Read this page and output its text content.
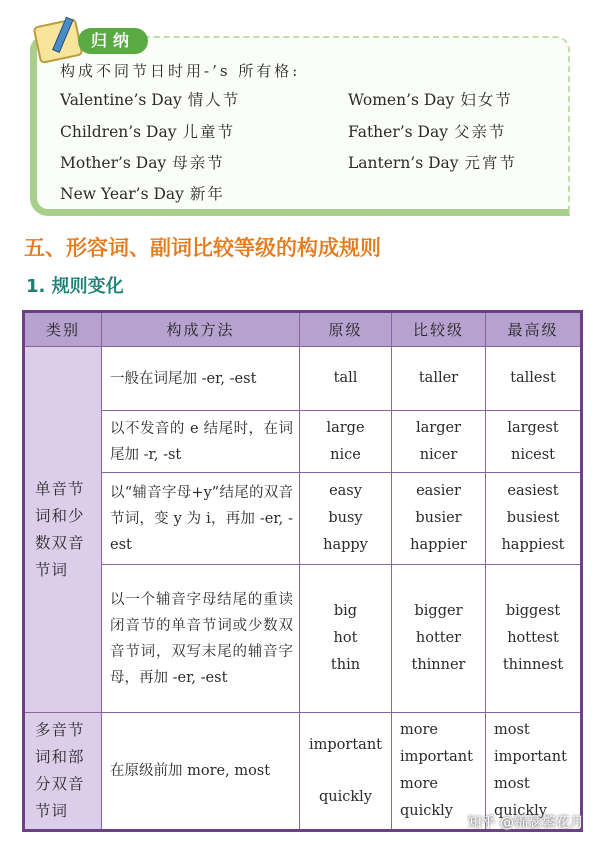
归纳
构成不同节日时用-’s 所有格:
Valentine’s Day 情人节	Women’s Day 妇女节
Children’s Day 儿童节	Father’s Day 父亲节
Mother’s Day 母亲节	Lantern’s Day 元宵节
New Year’s Day 新年
五、形容词、副词比较等级的构成规则
1. 规则变化
类别	构成方法	原级	比较级	最高级
单音节词和少数双音节词	一般在词尾加 -er, -est	tall	taller	tallest

	以不发音的 e 结尾时，在词尾加 -r, -st	large
nice	larger
nicer	largest
nicest

	以“辅音字母+y”结尾的双音节词，变 y 为 i，再加 -er, -est	easy
busy
happy	easier
busier
happier	easiest
busiest
happiest

	以一个辅音字母结尾的重读闭音节的单音节词或少数双音节词，双写末尾的辅音字母，再加 -er, -est	big
hot
thin	bigger
hotter
thinner	biggest
hottest
thinnest

多音节词和部分双音节词	在原级前加 more, most	important
quickly	more
important
more
quickly	most
important
most
quickly
知乎 @锦瑟繁花月
